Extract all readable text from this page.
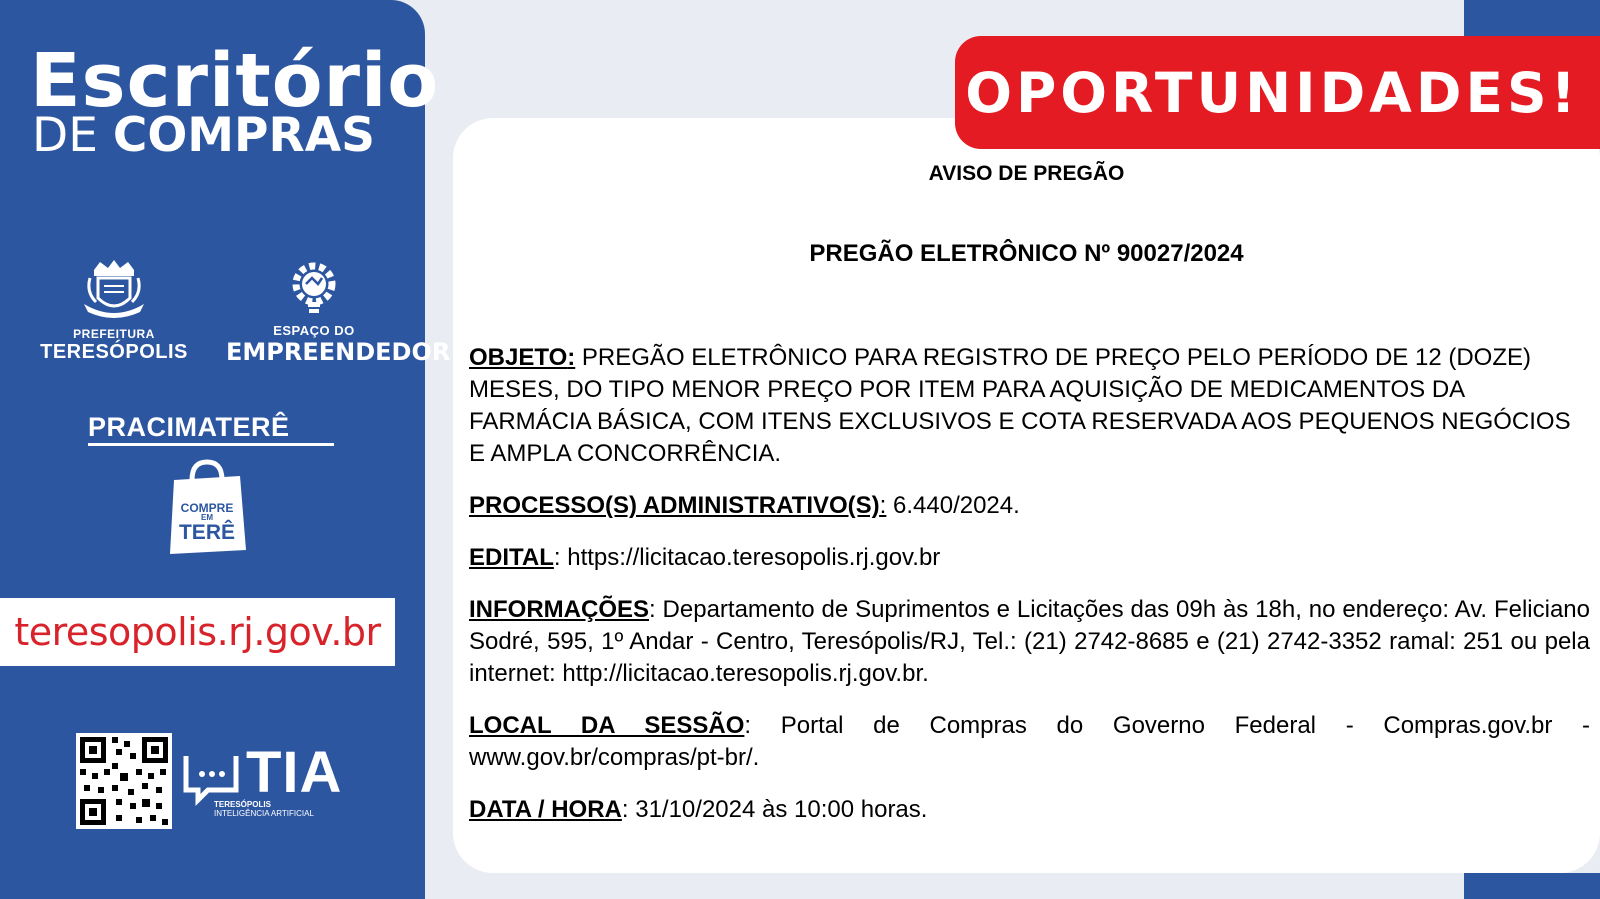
Escritório
DE COMPRAS
PREFEITURA
TERESÓPOLIS
ESPAÇO DO
EMPREENDEDOR
PRACIMATERÊ
COMPRE
EM
TERÊ
teresopolis.rj.gov.br
TIA
TERESÓPOLIS
INTELIGÊNCIA ARTIFICIAL
OPORTUNIDADES!
AVISO DE PREGÃO
PREGÃO ELETRÔNICO Nº 90027/2024

OBJETO: PREGÃO ELETRÔNICO PARA REGISTRO DE PREÇO PELO PERÍODO DE 12 (DOZE) MESES, DO TIPO MENOR PREÇO POR ITEM PARA AQUISIÇÃO DE MEDICAMENTOS DA FARMÁCIA BÁSICA, COM ITENS EXCLUSIVOS E COTA RESERVADA AOS PEQUENOS NEGÓCIOS E AMPLA CONCORRÊNCIA.

PROCESSO(S) ADMINISTRATIVO(S): 6.440/2024.

EDITAL: https://licitacao.teresopolis.rj.gov.br

INFORMAÇÕES: Departamento de Suprimentos e Licitações das 09h às 18h, no endereço: Av. Feliciano Sodré, 595, 1º Andar - Centro, Teresópolis/RJ, Tel.: (21) 2742-8685 e (21) 2742-3352 ramal: 251 ou pela internet: http://licitacao.teresopolis.rj.gov.br.

LOCAL DA SESSÃO: Portal de Compras do Governo Federal - Compras.gov.br - www.gov.br/compras/pt-br/.

DATA / HORA: 31/10/2024 às 10:00 horas.
